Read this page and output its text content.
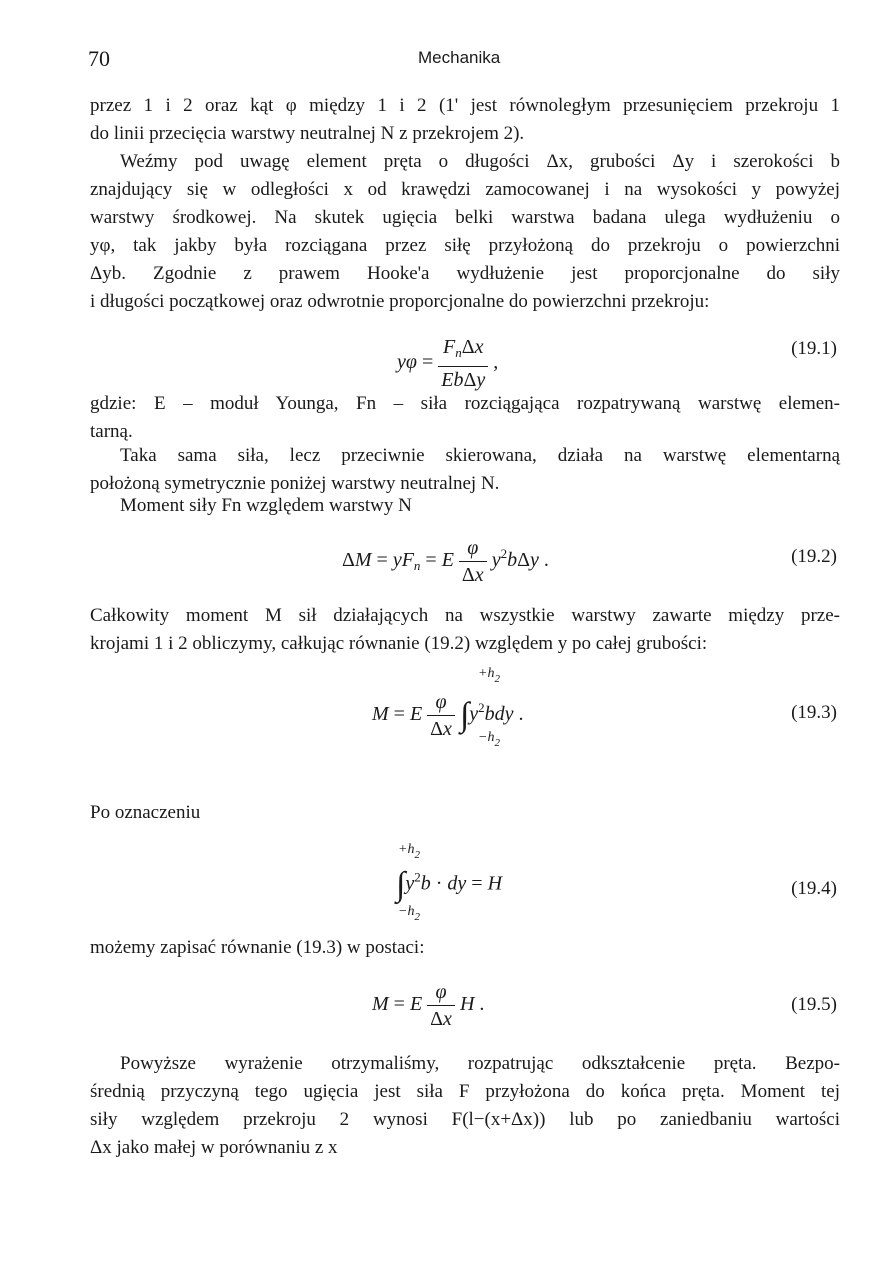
70	Mechanika
przez 1 i 2 oraz kąt φ między 1 i 2 (1' jest równoległym przesunięciem przekroju 1
do linii przecięcia warstwy neutralnej N z przekrojem 2).
Weźmy pod uwagę element pręta o długości Δx, grubości Δy i szerokości b
znajdujący się w odległości x od krawędzi zamocowanej i na wysokości y powyżej
warstwy środkowej. Na skutek ugięcia belki warstwa badana ulega wydłużeniu o
yφ, tak jakby była rozciągana przez siłę przyłożoną do przekroju o powierzchni
Δyb. Zgodnie z prawem Hooke'a wydłużenie jest proporcjonalne do siły
i długości początkowej oraz odwrotnie proporcjonalne do powierzchni przekroju:
$y\varphi = \frac{F_n\Delta x}{\text{EbΔy}}$ ,
(19.1)
gdzie: E – moduł Younga, Fn – siła rozciągająca rozpatrywaną warstwę elemen-
tarną.
Taka sama siła, lecz przeciwnie skierowana, działa na warstwę elementarną
położoną symetrycznie poniżej warstwy neutralnej N.
Moment siły Fn względem warstwy N
$\Delta M = yF_n = E \frac{\varphi}{\Delta x} y^2b\Delta y$ .	(19.2)
Całkowity moment M sił działających na wszystkie warstwy zawarte między prze-
krojami 1 i 2 obliczymy, całkując równanie (19.2) względem y po całej grubości:
$+h_2$
M = E $\frac{\varphi}{\Delta x} \int y^2bdy$ .
$-h_2$
(19.3)
Po oznaczeniu
$+h_2$
$\int y^2b$ · dy = H
$-h_2$
(19.4)
możemy zapisać równanie (19.3) w postaci:
M = E $\frac{\varphi}{\Delta x}$ H .	(19.5)
Powyższe wyrażenie otrzymaliśmy, rozpatrując odkształcenie pręta. Bezpo-
średnią przyczyną tego ugięcia jest siła F przyłożona do końca pręta. Moment tej
siły względem przekroju 2 wynosi F(l−(x+Δx)) lub po zaniedbaniu wartości
Δx jako małej w porównaniu z x
